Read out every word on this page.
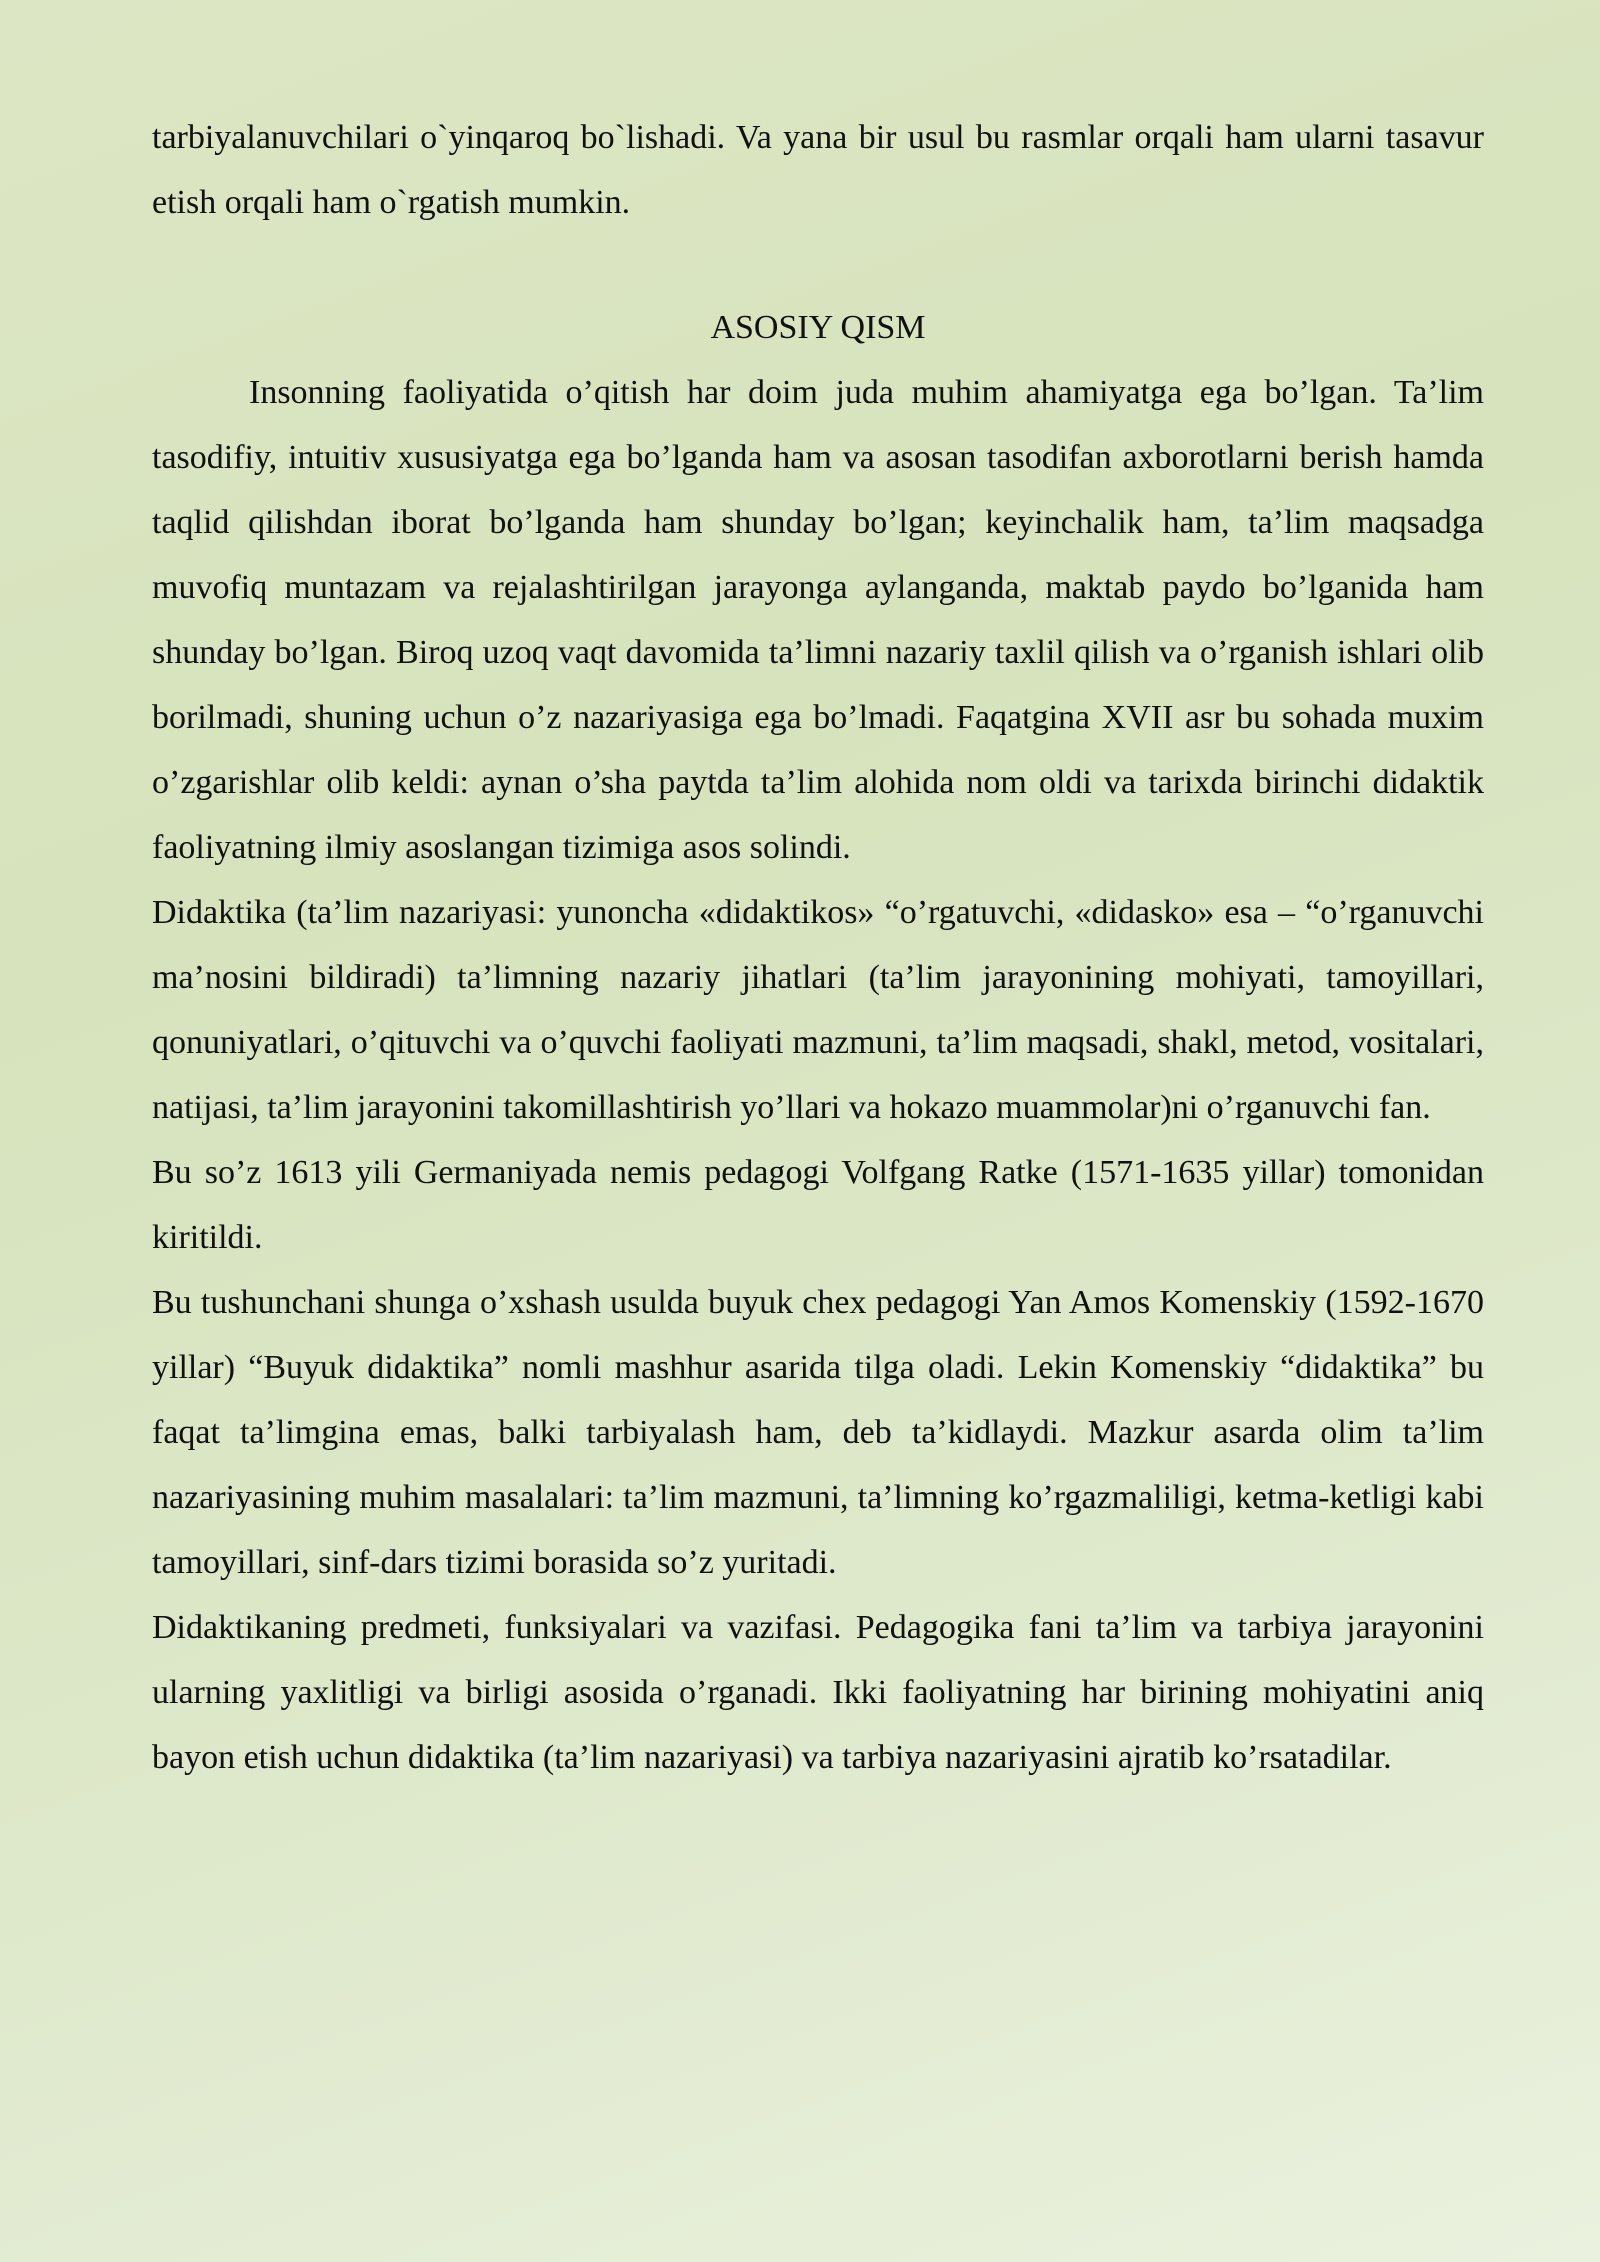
tarbiyalanuvchilari o`yinqaroq bo`lishadi. Va yana bir usul bu rasmlar orqali ham ularni tasavur etish orqali ham o`rgatish mumkin.

ASOSIY QISM

Insonning faoliyatida o’qitish har doim juda muhim ahamiyatga ega bo’lgan. Ta’lim tasodifiy, intuitiv xususiyatga ega bo’lganda ham va asosan tasodifan axborotlarni berish hamda taqlid qilishdan iborat bo’lganda ham shunday bo’lgan; keyinchalik ham, ta’lim maqsadga muvofiq muntazam va rejalashtirilgan jarayonga aylanganda, maktab paydo bo’lganida ham shunday bo’lgan. Biroq uzoq vaqt davomida ta’limni nazariy taxlil qilish va o’rganish ishlari olib borilmadi, shuning uchun o’z nazariyasiga ega bo’lmadi. Faqatgina XVII asr bu sohada muxim o’zgarishlar olib keldi: aynan o’sha paytda ta’lim alohida nom oldi va tarixda birinchi didaktik faoliyatning ilmiy asoslangan tizimiga asos solindi.

Didaktika (ta’lim nazariyasi: yunoncha «didaktikos» “o’rgatuvchi, «didasko» esa – “o’rganuvchi ma’nosini bildiradi) ta’limning nazariy jihatlari (ta’lim jarayonining mohiyati, tamoyillari, qonuniyatlari, o’qituvchi va o’quvchi faoliyati mazmuni, ta’lim maqsadi, shakl, metod, vositalari, natijasi, ta’lim jarayonini takomillashtirish yo’llari va hokazo muammolar)ni o’rganuvchi fan.

Bu so’z 1613 yili Germaniyada nemis pedagogi Volfgang Ratke (1571-1635 yillar) tomonidan kiritildi.

Bu tushunchani shunga o’xshash usulda buyuk chex pedagogi Yan Amos Komenskiy (1592-1670 yillar) “Buyuk didaktika” nomli mashhur asarida tilga oladi. Lekin Komenskiy “didaktika” bu faqat ta’limgina emas, balki tarbiyalash ham, deb ta’kidlaydi. Mazkur asarda olim ta’lim nazariyasining muhim masalalari: ta’lim mazmuni, ta’limning ko’rgazmaliligi, ketma-ketligi kabi tamoyillari, sinf-dars tizimi borasida so’z yuritadi.

Didaktikaning predmeti, funksiyalari va vazifasi. Pedagogika fani ta’lim va tarbiya jarayonini ularning yaxlitligi va birligi asosida o’rganadi. Ikki faoliyatning har birining mohiyatini aniq bayon etish uchun didaktika (ta’lim nazariyasi) va tarbiya nazariyasini ajratib ko’rsatadilar.
